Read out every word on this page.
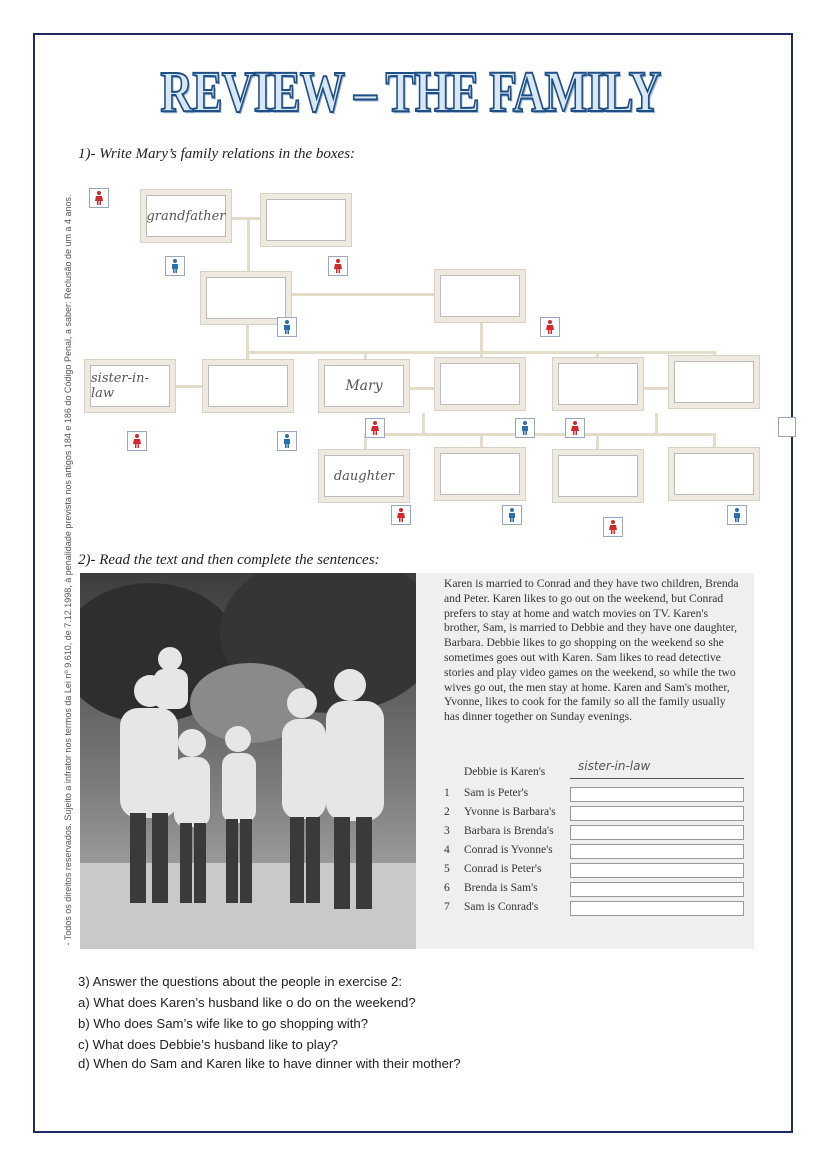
REVIEW – THE FAMILY
- Todos os direitos reservados. Sujeito a infrator nos termos da Lei nº 9.610, de 7.12.1998, à penalidade prevista nos artigos 184 e 186 do Código Penal, a saber: Reclusão de um a 4 anos.
1)- Write Mary’s family relations in the boxes:
grandfather
sister-in-law	Mary
daughter
2)- Read the text and then complete the sentences:
Karen is married to Conrad and they have two children, Brenda and Peter. Karen likes to go out on the weekend, but Conrad prefers to stay at home and watch movies on TV. Karen's brother, Sam, is married to Debbie and they have one daughter, Barbara. Debbie likes to go shopping on the weekend so she sometimes goes out with Karen. Sam likes to read detective stories and play video games on the weekend, so while the two wives go out, the men stay at home. Karen and Sam's mother, Yvonne, likes to cook for the family so all the family usually has dinner together on Sunday evenings.
Debbie is Karen's	sister-in-law
1 Sam is Peter's
2 Yvonne is Barbara's
3 Barbara is Brenda's
4 Conrad is Yvonne's
5 Conrad is Peter's
6 Brenda is Sam's
7 Sam is Conrad's
3) Answer the questions about the people in exercise 2:
a) What does Karen’s husband like o do on the weekend?
b) Who does Sam’s wife like to go shopping with?
c) What does Debbie’s husband like to play?
d) When do Sam and Karen like to have dinner with their mother?
